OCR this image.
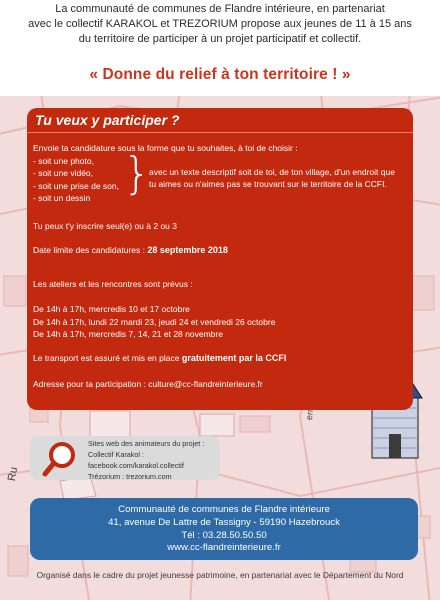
Ru
La communauté de communes de Flandre intérieure, en partenariat
avec le collectif KARAKOL et TREZORIUM propose aux jeunes de 11 à 15 ans
du territoire de participer à un projet participatif et collectif.
« Donne du relief à ton territoire ! »
Tu veux y participer ?
Envoie ta candidature sous la forme que tu souhaites, à toi de choisir :
- soit une photo,
- soit une vidéo,
- soit une prise de son,
- soit un dessin }
avec un texte descriptif soit de toi, de ton village, d'un endroit que
tu aimes ou n'aimes pas se trouvant sur le territoire de la CCFI.
Tu peux t'y inscrire seul(e) ou à 2 ou 3
Date limite des candidatures : 28 septembre 2018
Les ateliers et les rencontres sont prévus :
De 14h à 17h, mercredis 10 et 17 octobre
De 14h à 17h, lundi 22 mardi 23, jeudi 24 et vendredi 26 octobre
De 14h à 17h, mercredis 7, 14, 21 et 28 novembre
Le transport est assuré et mis en place gratuitement par la CCFI
Adresse pour ta participation : culture@cc-flandreinterieure.fr
Sites web des animateurs du projet :
Collectif Karakol : facebook.com/karakol.collectif
Trézorium : trezorium.com
Communauté de communes de Flandre intérieure
41, avenue De Lattre de Tassigny - 59190 Hazebrouck
Tél : 03.28.50.50.50
www.cc-flandreinterieure.fr
Organisé dans le cadre du projet jeunesse patrimoine, en partenariat avec le Département du Nord
